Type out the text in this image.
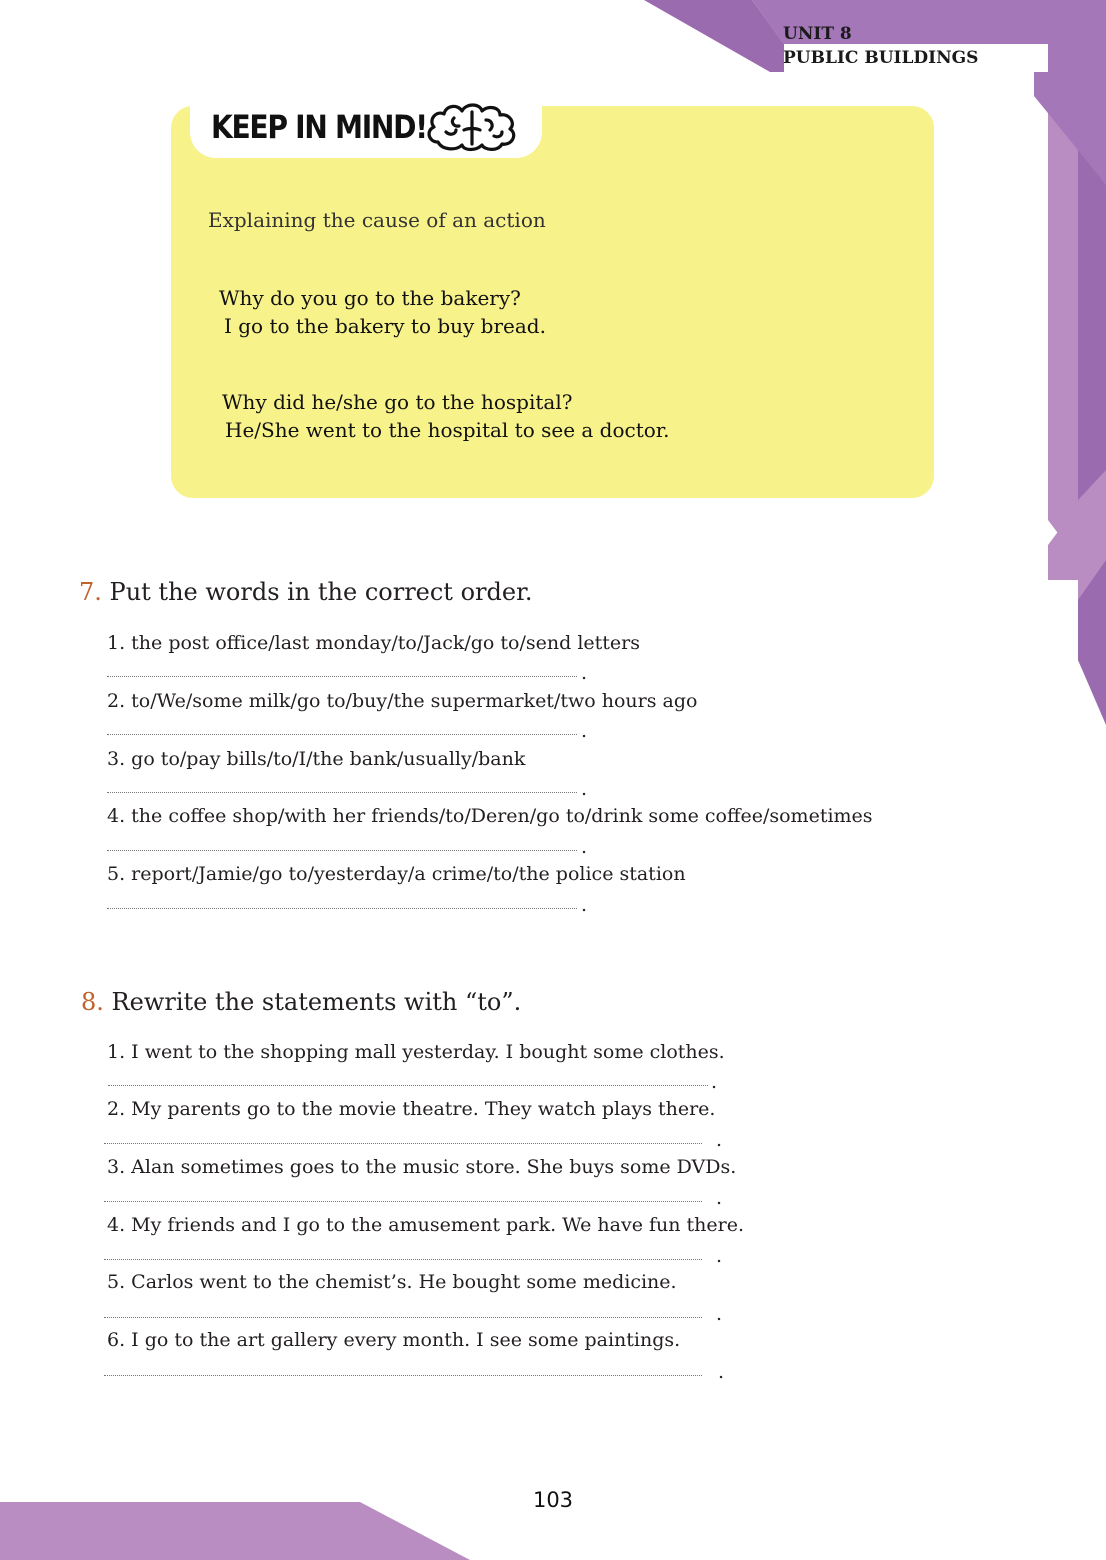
UNIT 8
PUBLIC BUILDINGS
KEEP IN MIND!
Explaining the cause of an action
Why do you go to the bakery?
I go to the bakery to buy bread.
Why did he/she go to the hospital?
He/She went to the hospital to see a doctor.
7. Put the words in the correct order.
1. the post office/last monday/to/Jack/go to/send letters
.
2. to/We/some milk/go to/buy/the supermarket/two hours ago
.
3. go to/pay bills/to/I/the bank/usually/bank
.
4. the coffee shop/with her friends/to/Deren/go to/drink some coffee/sometimes
.
5. report/Jamie/go to/yesterday/a crime/to/the police station
.
8. Rewrite the statements with “to”.
1. I went to the shopping mall yesterday. I bought some clothes.
.
2. My parents go to the movie theatre. They watch plays there.
.
3. Alan sometimes goes to the music store. She buys some DVDs.
.
4. My friends and I go to the amusement park. We have fun there.
.
5. Carlos went to the chemist’s. He bought some medicine.
.
6. I go to the art gallery every month. I see some paintings.
.
103
